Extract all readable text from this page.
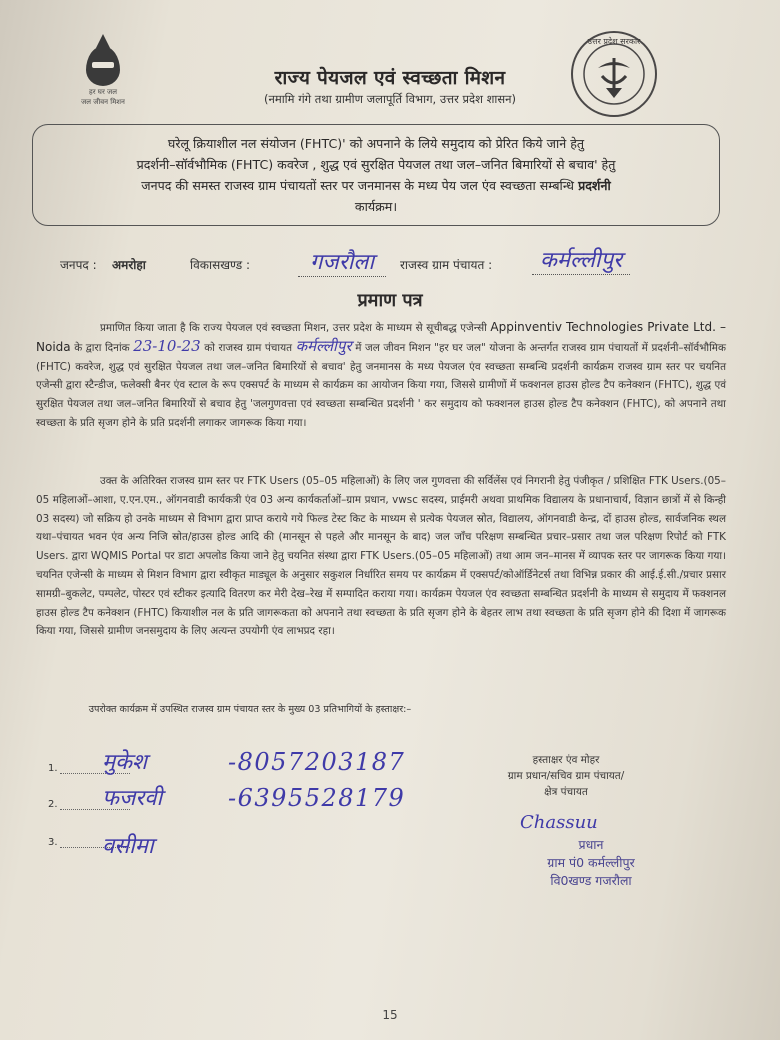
हर घर जल
जल जीवन मिशन
उत्तर प्रदेश सरकार
राज्य पेयजल एवं स्वच्छता मिशन
(नमामि गंगे तथा ग्रामीण जलापूर्ति विभाग, उत्तर प्रदेश शासन)
घरेलू क्रियाशील नल संयोजन (FHTC)' को अपनाने के लिये समुदाय को प्रेरित किये जाने हेतु
प्रदर्शनी–सॉर्वभौमिक (FHTC) कवरेज , शुद्ध एवं सुरक्षित पेयजल तथा जल–जनित बिमारियों से बचाव' हेतु
जनपद की समस्त राजस्व ग्राम पंचायतों स्तर पर जनमानस के मध्य पेय जल एंव स्वच्छता सम्बन्धि प्रदर्शनी
कार्यक्रम।
जनपद : अमरोहा	विकासखण्ड :	गजरौला	राजस्व ग्राम पंचायत :	कर्मल्लीपुर
प्रमाण पत्र
प्रमाणित किया जाता है कि राज्य पेयजल एवं स्वच्छता मिशन, उत्तर प्रदेश के माध्यम से सूचीबद्ध एजेन्सी Appinventiv Technologies Private Ltd. – Noida के द्वारा दिनांक 23-10-23 को राजस्व ग्राम पंचायत कर्मल्लीपुर में जल जीवन मिशन "हर घर जल" योजना के अन्तर्गत राजस्व ग्राम पंचायतों में प्रदर्शनी–सॉर्वभौमिक (FHTC) कवरेज, शुद्ध एवं सुरक्षित पेयजल तथा जल–जनित बिमारियों से बचाव' हेतु जनमानस के मध्य पेयजल एंव स्वच्छता सम्बन्धि प्रदर्शनी कार्यक्रम राजस्व ग्राम स्तर पर चयनित एजेन्सी द्वारा स्टैन्डीज, फलेक्सी बैनर एंव स्टाल के रूप एक्सपर्ट के माध्यम से कार्यक्रम का आयोजन किया गया, जिससे ग्रामीणों में फक्शनल हाउस होल्ड टैप कनेक्शन (FHTC), शुद्ध एवं सुरक्षित पेयजल तथा जल–जनित बिमारियों से बचाव हेतु 'जलगुणवत्ता एवं स्वच्छता सम्बन्धित प्रदर्शनी ' कर समुदाय को फक्शनल हाउस होल्ड टैप कनेक्शन (FHTC), को अपनाने तथा स्वच्छता के प्रति सृजग होने के प्रति प्रदर्शनी लगाकर जागरूक किया गया।
उक्त के अतिरिक्त राजस्व ग्राम स्तर पर FTK Users (05–05 महिलाओं) के लिए जल गुणवत्ता की सर्विलेंस एवं निगरानी हेतु पंजीकृत / प्रशिक्षित FTK Users.(05–05 महिलाओं–आशा, ए.एन.एम., ऑगनवाडी कार्यकत्री एंव 03 अन्य कार्यकर्ताओं–ग्राम प्रधान, vwsc सदस्य, प्राईमरी अथवा प्राथमिक विद्यालय के प्रधानाचार्य, विज्ञान छात्रों में से किन्ही 03 सदस्य) जो सक्रिय हो उनके माध्यम से विभाग द्वारा प्राप्त कराये गये फिल्ड टेस्ट किट के माध्यम से प्रत्येक पेयजल स्रोत, विद्यालय, ऑगनवाडी केन्द्र, दों हाउस होल्ड, सार्वजनिक स्थल यथा–पंचायत भवन एंव अन्य निजि स्रोत/हाउस होल्ड आदि की (मानसून से पहले और मानसून के बाद) जल जाँच परिक्षण सम्बन्धित प्रचार–प्रसार तथा जल परिक्षण रिपोर्ट को FTK Users. द्वारा WQMIS Portal पर डाटा अपलोड किया जाने हेतु चयनित संस्था द्वारा FTK Users.(05–05 महिलाओं) तथा आम जन–मानस में व्यापक स्तर पर जागरूक किया गया। चयनित एजेन्सी के माध्यम से मिशन विभाग द्वारा स्वीकृत माड्यूल के अनुसार सकुशल निर्धारित समय पर कार्यक्रम में एक्सपर्ट/कोऑर्डिनेटर्स तथा विभिन्न प्रकार की आई.ई.सी./प्रचार प्रसार सामग्री–बुकलेट, पम्पलेट, पोस्टर एवं स्टीकर इत्यादि वितरण कर मेरी देख–रेख में सम्पादित कराया गया। कार्यक्रम पेयजल एंव स्वच्छता सम्बन्धित प्रदर्शनी के माध्यम से समुदाय में फक्शनल हाउस होल्ड टैप कनेक्शन (FHTC) कियाशील नल के प्रति जागरूकता को अपनाने तथा स्वच्छता के प्रति सृजग होने के बेहतर लाभ तथा स्वच्छता के प्रति सृजग होने की दिशा में जागरूक किया गया, जिससे ग्रामीण जनसमुदाय के लिए अत्यन्त उपयोगी एंव लाभप्रद रहा।
उपरोक्त कार्यक्रम में उपस्थित राजस्व ग्राम पंचायत स्तर के मुख्य 03 प्रतिभागियों के हस्ताक्षर:–
1. मुकेश	-8057203187
2. फजरवी	-6395528179
3. वसीमा
हस्ताक्षर एंव मोहर
ग्राम प्रधान/सचिव ग्राम पंचायत/
क्षेत्र पंचायत
Chassuu
प्रधान
ग्राम पं0 कर्मल्लीपुर
वि0खण्ड गजरौला
15
